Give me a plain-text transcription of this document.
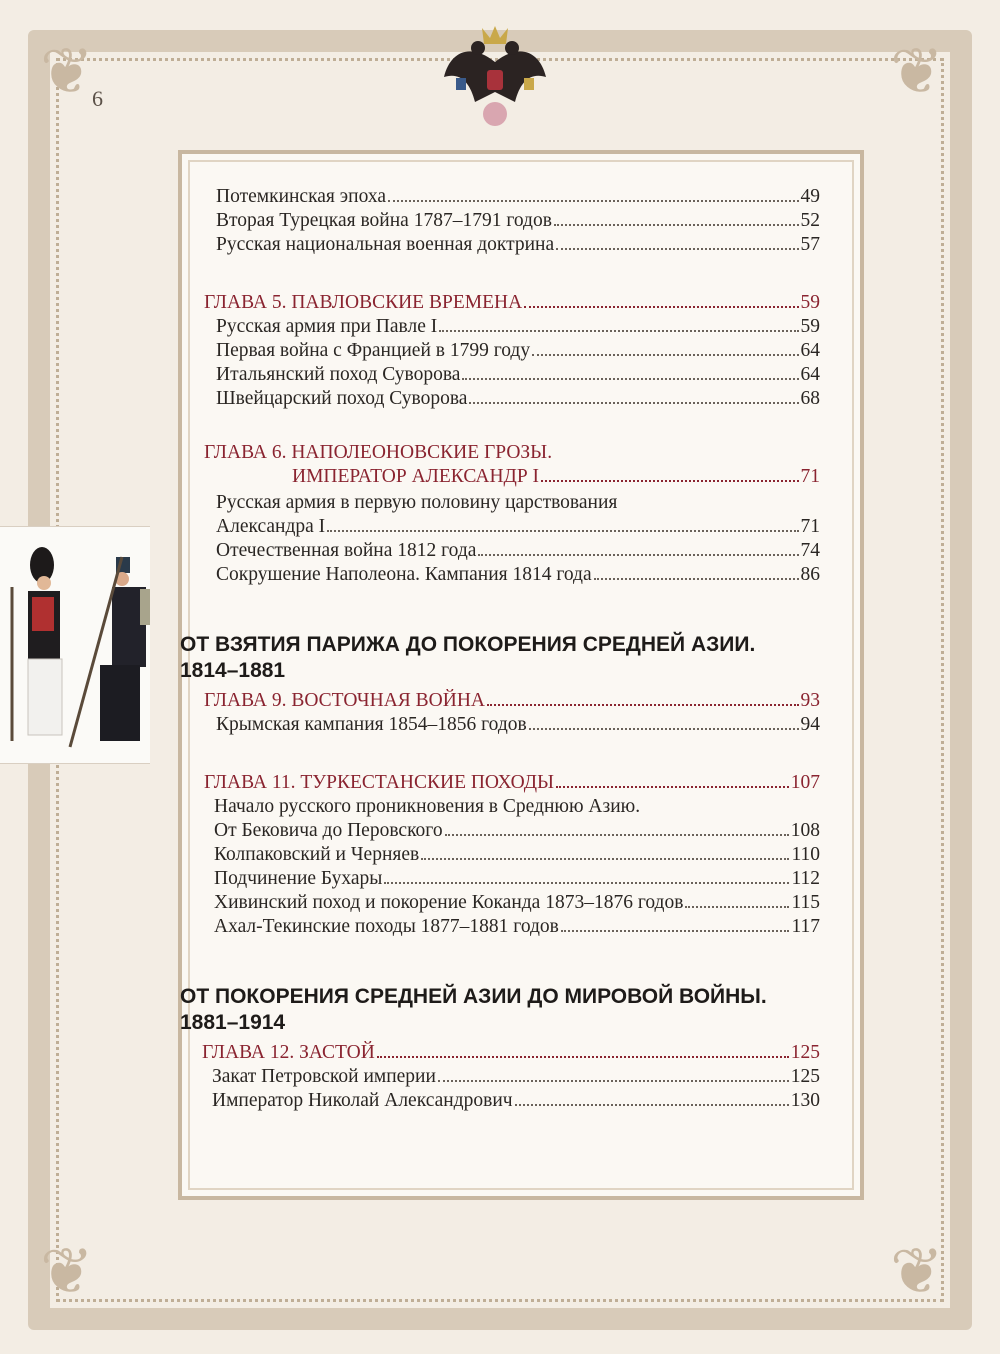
❦	❦
❦	❦
6
Потемкинская эпоха	49
Вторая Турецкая война 1787–1791 годов	52
Русская национальная военная доктрина	57
ГЛАВА 5. ПАВЛОВСКИЕ ВРЕМЕНА	59
Русская армия при Павле I	59
Первая война с Францией в 1799 году	64
Итальянский поход Суворова	64
Швейцарский поход Суворова	68
ГЛАВА 6. НАПОЛЕОНОВСКИЕ ГРОЗЫ.
ИМПЕРАТОР АЛЕКСАНДР I	71
Русская армия в первую половину царствования
Александра I	71
Отечественная война 1812 года	74
Сокрушение Наполеона. Кампания 1814 года	86
ОТ ВЗЯТИЯ ПАРИЖА ДО ПОКОРЕНИЯ СРЕДНЕЙ АЗИИ.
1814–1881
ГЛАВА 9. ВОСТОЧНАЯ ВОЙНА	93
Крымская кампания 1854–1856 годов	94
ГЛАВА 11. ТУРКЕСТАНСКИЕ ПОХОДЫ	107
Начало русского проникновения в Среднюю Азию.
От Бековича до Перовского	108
Колпаковский и Черняев	110
Подчинение Бухары	112
Хивинский поход и покорение Коканда 1873–1876 годов	115
Ахал-Текинские походы 1877–1881 годов	117
ОТ ПОКОРЕНИЯ СРЕДНЕЙ АЗИИ ДО МИРОВОЙ ВОЙНЫ.
1881–1914
ГЛАВА 12. ЗАСТОЙ	125
Закат Петровской империи	125
Император Николай Александрович	130
